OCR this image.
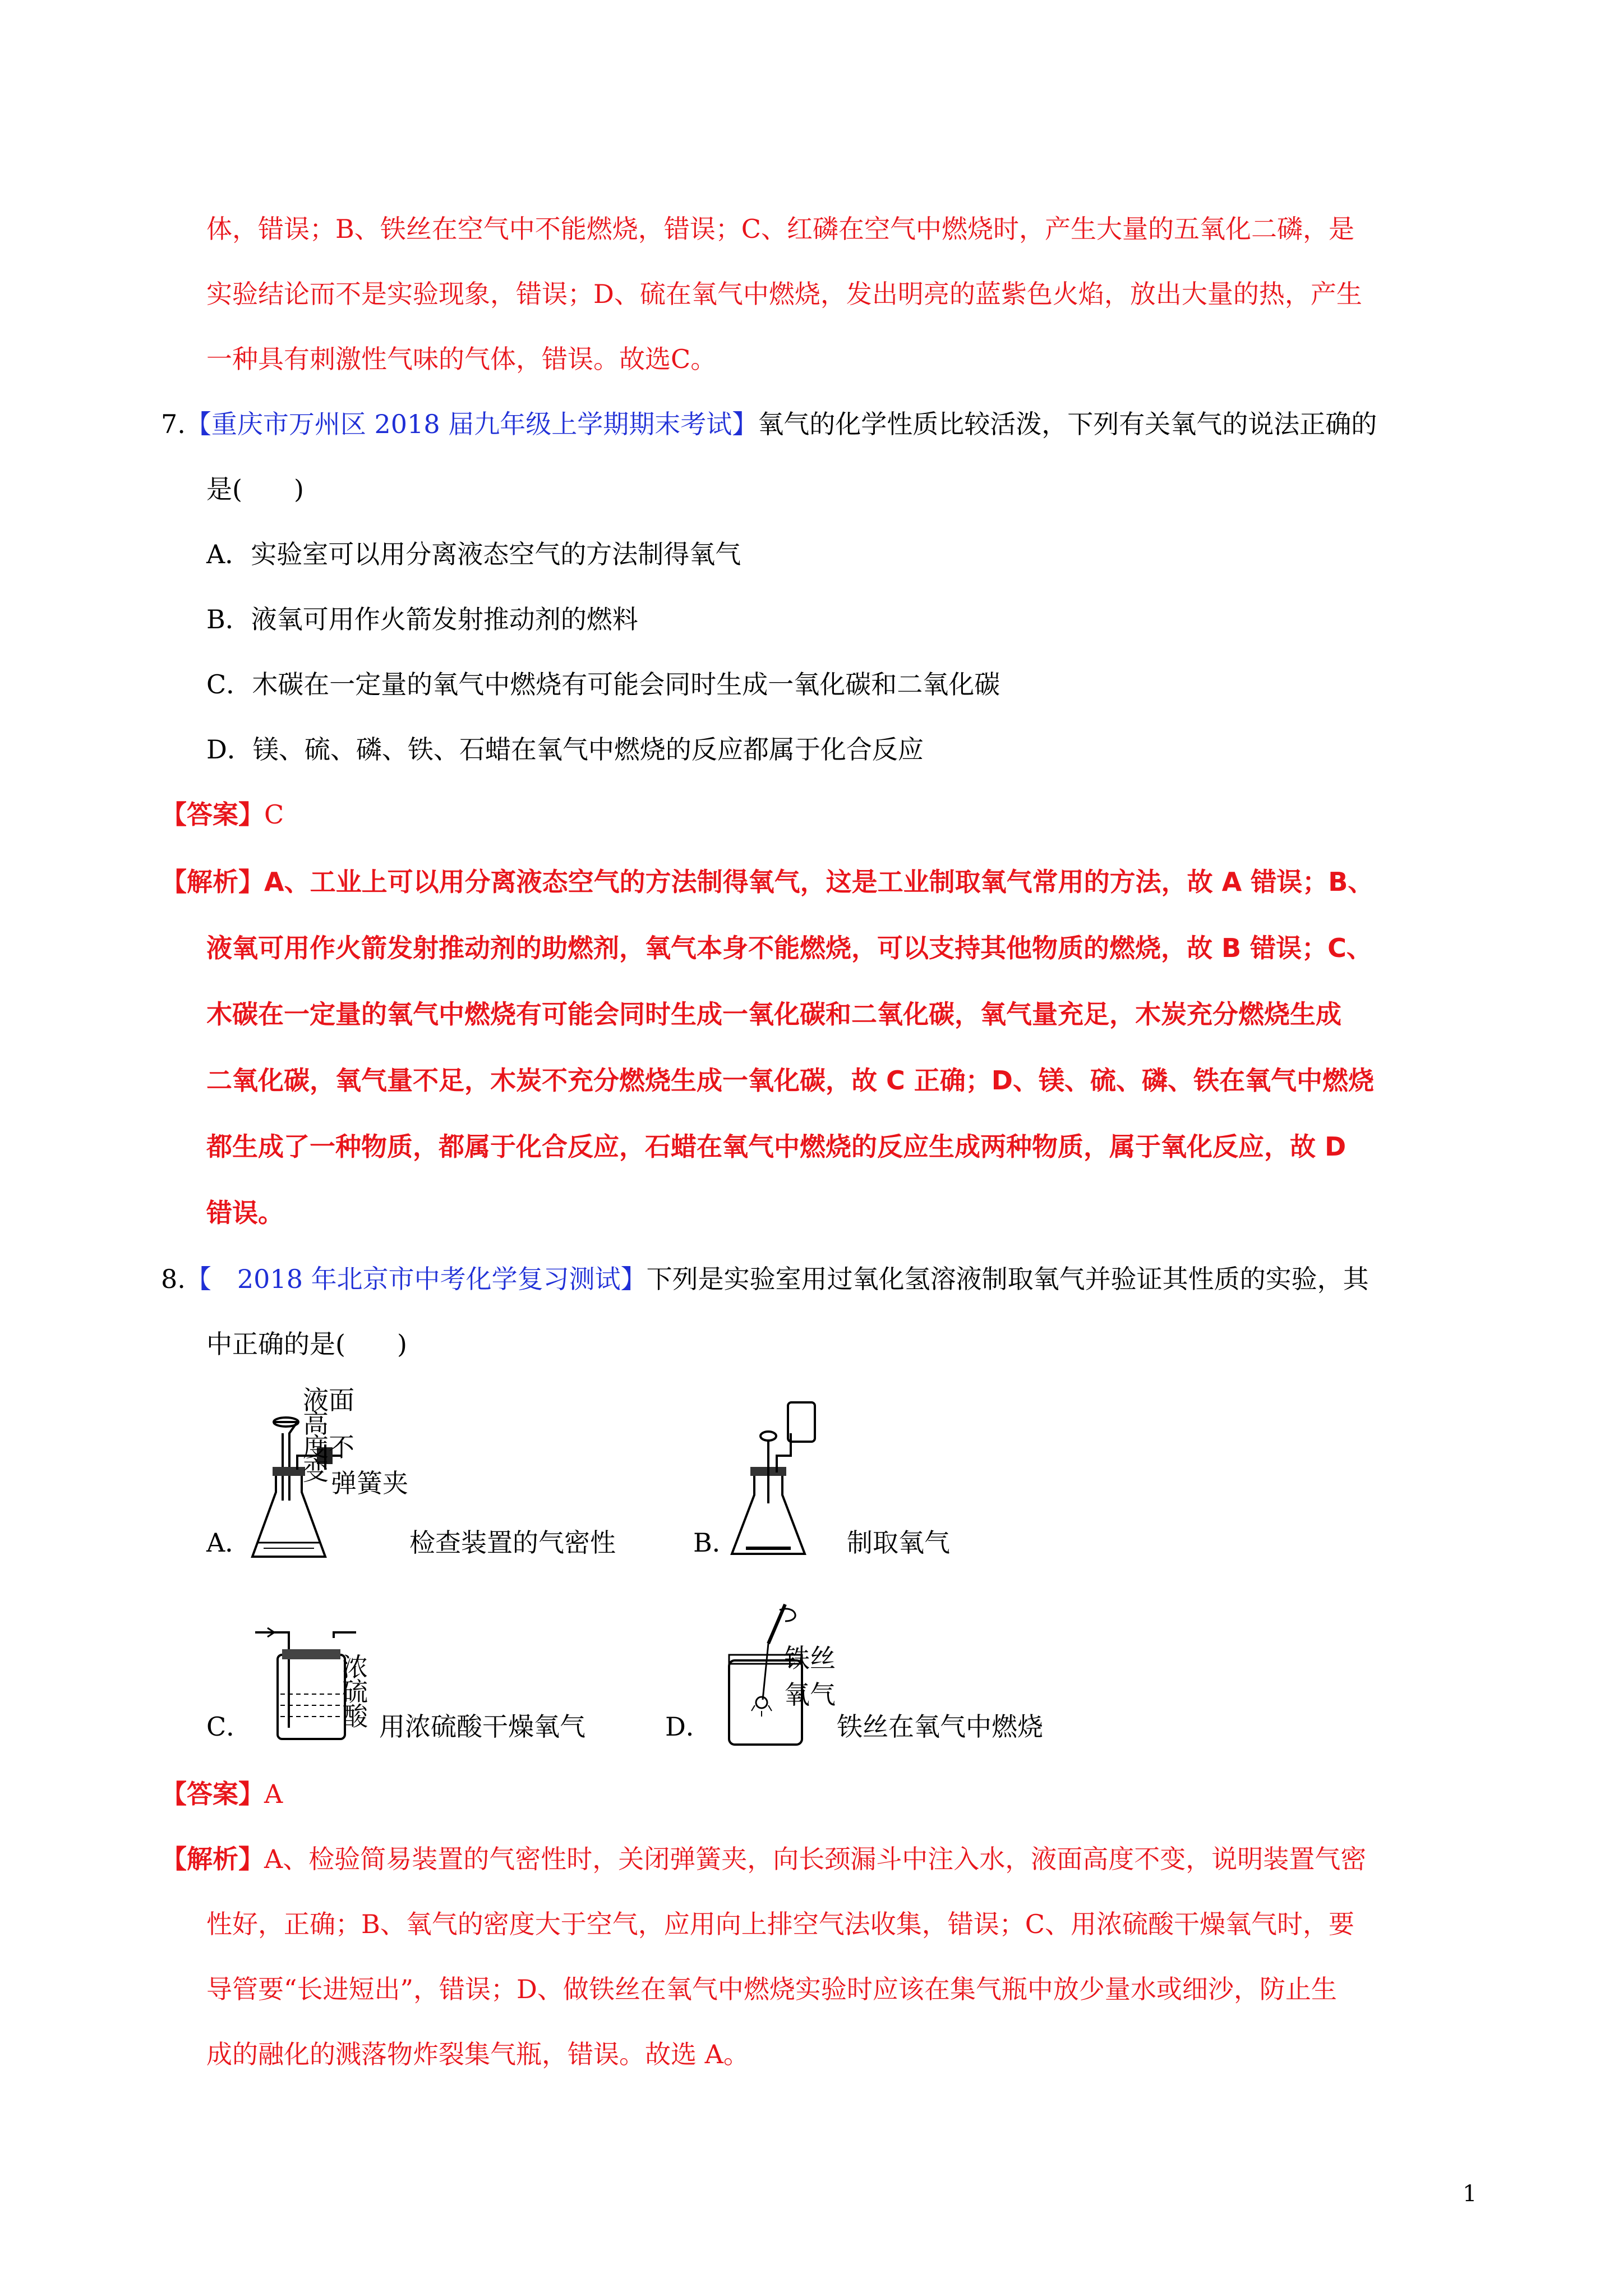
体，错误；B、铁丝在空气中不能燃烧，错误；C、红磷在空气中燃烧时，产生大量的五氧化二磷，是
实验结论而不是实验现象，错误；D、硫在氧气中燃烧，发出明亮的蓝紫色火焰，放出大量的热，产生
一种具有刺激性气味的气体，错误。故选C。
7.【重庆市万州区 2018 届九年级上学期期末考试】氧气的化学性质比较活泼，下列有关氧气的说法正确的
是(　　)
A．实验室可以用分离液态空气的方法制得氧气
B．液氧可用作火箭发射推动剂的燃料
C．木碳在一定量的氧气中燃烧有可能会同时生成一氧化碳和二氧化碳
D．镁、硫、磷、铁、石蜡在氧气中燃烧的反应都属于化合反应
【答案】C
【解析】A、工业上可以用分离液态空气的方法制得氧气，这是工业制取氧气常用的方法，故 A 错误；B、
液氧可用作火箭发射推动剂的助燃剂，氧气本身不能燃烧，可以支持其他物质的燃烧，故 B 错误；C、
木碳在一定量的氧气中燃烧有可能会同时生成一氧化碳和二氧化碳，氧气量充足，木炭充分燃烧生成
二氧化碳，氧气量不足，木炭不充分燃烧生成一氧化碳，故 C 正确；D、镁、硫、磷、铁在氧气中燃烧
都生成了一种物质，都属于化合反应，石蜡在氧气中燃烧的反应生成两种物质，属于氧化反应，故 D
错误。
8.【　2018 年北京市中考化学复习测试】下列是实验室用过氧化氢溶液制取氧气并验证其性质的实验，其
中正确的是(　　)
液面高
度不变 弹簧夹
A．	检查装置的气密性	B．	制取氧气
浓
硫
酸
C．	用浓硫酸干燥氧气
铁丝
氧气
D．	铁丝在氧气中燃烧
【答案】A
【解析】A、检验简易装置的气密性时，关闭弹簧夹，向长颈漏斗中注入水，液面高度不变，说明装置气密
性好，正确；B、氧气的密度大于空气，应用向上排空气法收集，错误；C、用浓硫酸干燥氧气时，要
导管要“长进短出”，错误；D、做铁丝在氧气中燃烧实验时应该在集气瓶中放少量水或细沙，防止生
成的融化的溅落物炸裂集气瓶，错误。故选 A。
1
